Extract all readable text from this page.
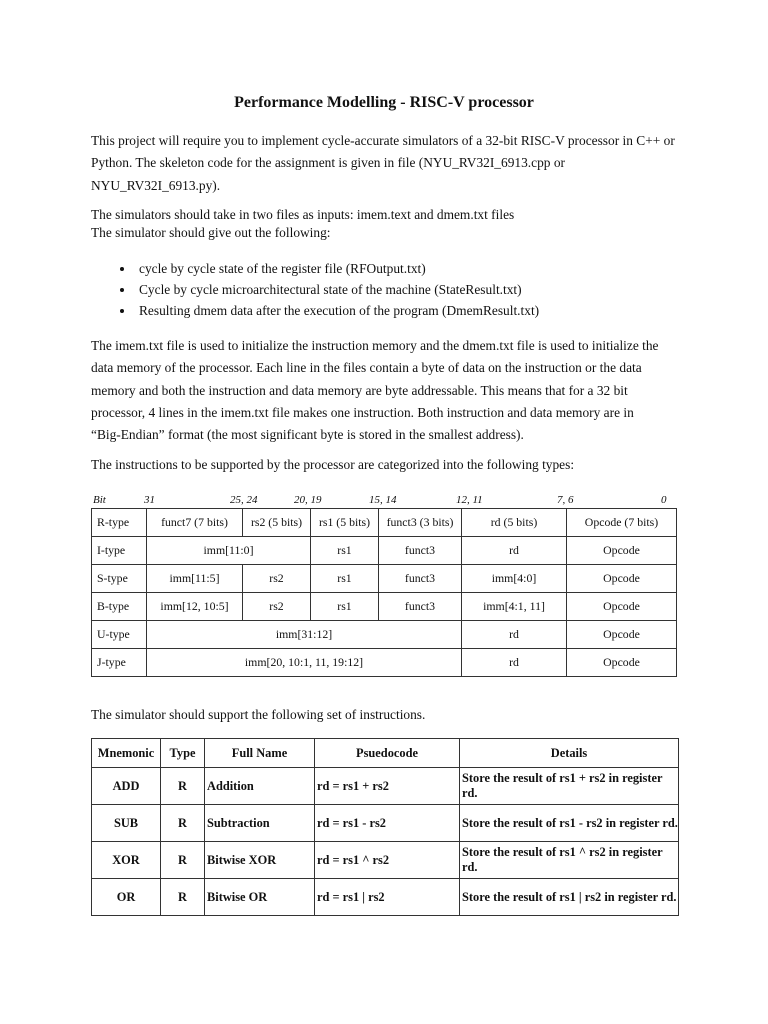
Performance Modelling - RISC-V processor
This project will require you to implement cycle-accurate simulators of a 32-bit RISC-V processor in C++ or
Python. The skeleton code for the assignment is given in file (NYU_RV32I_6913.cpp or
NYU_RV32I_6913.py).
The simulators should take in two files as inputs: imem.text and dmem.txt files
The simulator should give out the following:
• cycle by cycle state of the register file (RFOutput.txt)
• Cycle by cycle microarchitectural state of the machine (StateResult.txt)
• Resulting dmem data after the execution of the program (DmemResult.txt)
The imem.txt file is used to initialize the instruction memory and the dmem.txt file is used to initialize the
data memory of the processor. Each line in the files contain a byte of data on the instruction or the data
memory and both the instruction and data memory are byte addressable. This means that for a 32 bit
processor, 4 lines in the imem.txt file makes one instruction. Both instruction and data memory are in
“Big-Endian” format (the most significant byte is stored in the smallest address).
The instructions to be supported by the processor are categorized into the following types:
Bit	31	25, 24	20, 19	15, 14	12, 11	7, 6	0
R-type	funct7 (7 bits)	rs2 (5 bits)	rs1 (5 bits)	funct3 (3 bits)	rd (5 bits)	Opcode (7 bits)
I-type	imm[11:0]		rs1	funct3	rd	Opcode
S-type	imm[11:5]	rs2	rs1	funct3	imm[4:0]	Opcode
B-type	imm[12, 10:5]	rs2	rs1	funct3	imm[4:1, 11]	Opcode
U-type	imm[31:12]				rd	Opcode
J-type	imm[20, 10:1, 11, 19:12]				rd	Opcode
The simulator should support the following set of instructions.
Mnemonic	Type	Full Name	Psuedocode	Details
ADD	R	Addition	rd = rs1 + rs2	Store the result of rs1 + rs2 in register rd.
SUB	R	Subtraction	rd = rs1 - rs2	Store the result of rs1 - rs2 in register rd.
XOR	R	Bitwise XOR	rd = rs1 ^ rs2	Store the result of rs1 ^ rs2 in register rd.
OR	R	Bitwise OR	rd = rs1 | rs2	Store the result of rs1 | rs2 in register rd.
